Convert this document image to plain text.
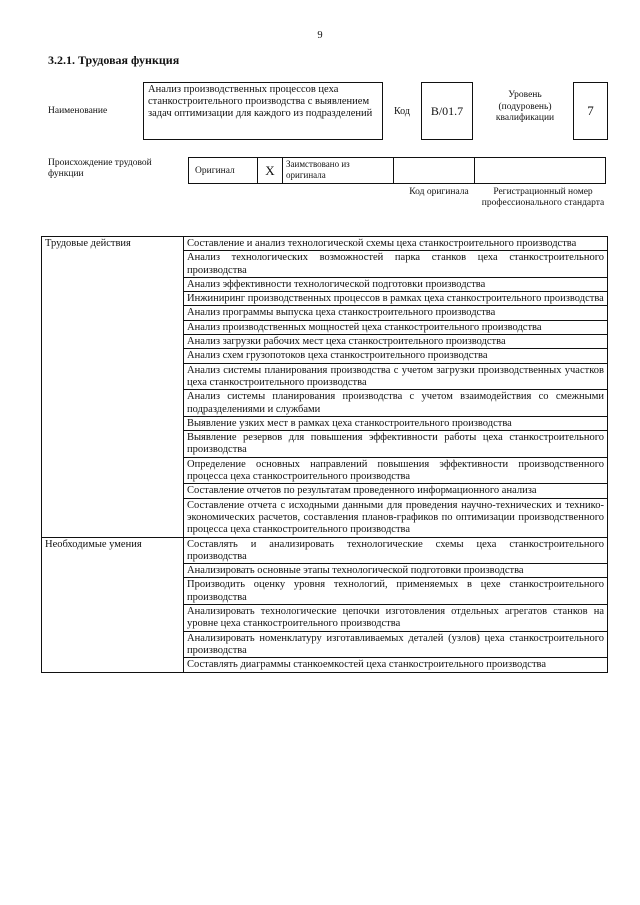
9
3.2.1. Трудовая функция
Наименование
Анализ производственных процессов цеха станкостроительного производства с выявлением задач оптимизации для каждого из подразделений	Код	В/01.7
Уровень (подуровень) квалификации	7
Происхождение трудовой функции	Оригинал	X	Заимствовано из оригинала
Код оригинала	Регистрационный номер профессионального стандарта
Трудовые действия	Составление и анализ технологической схемы цеха станкостроительного производства
	Анализ технологических возможностей парка станков цеха станкостроительного производства
	Анализ эффективности технологической подготовки производства
	Инжиниринг производственных процессов в рамках цеха станкостроительного производства
	Анализ программы выпуска цеха станкостроительного производства
	Анализ производственных мощностей цеха станкостроительного производства
	Анализ загрузки рабочих мест цеха станкостроительного производства
	Анализ схем грузопотоков цеха станкостроительного производства
	Анализ системы планирования производства с учетом загрузки производственных участков цеха станкостроительного производства
	Анализ системы планирования производства с учетом взаимодействия со смежными подразделениями и службами
	Выявление узких мест в рамках цеха станкостроительного производства
	Выявление резервов для повышения эффективности работы цеха станкостроительного производства
	Определение основных направлений повышения эффективности производственного процесса цеха станкостроительного производства
	Составление отчетов по результатам проведенного информационного анализа
	Составление отчета с исходными данными для проведения научно-технических и технико-экономических расчетов, составления планов-графиков по оптимизации производственного процесса цеха станкостроительного производства
Необходимые умения	Составлять и анализировать технологические схемы цеха станкостроительного производства
	Анализировать основные этапы технологической подготовки производства
	Производить оценку уровня технологий, применяемых в цехе станкостроительного производства
	Анализировать технологические цепочки изготовления отдельных агрегатов станков на уровне цеха станкостроительного производства
	Анализировать номенклатуру изготавливаемых деталей (узлов) цеха станкостроительного производства
	Составлять диаграммы станкоемкостей цеха станкостроительного производства
